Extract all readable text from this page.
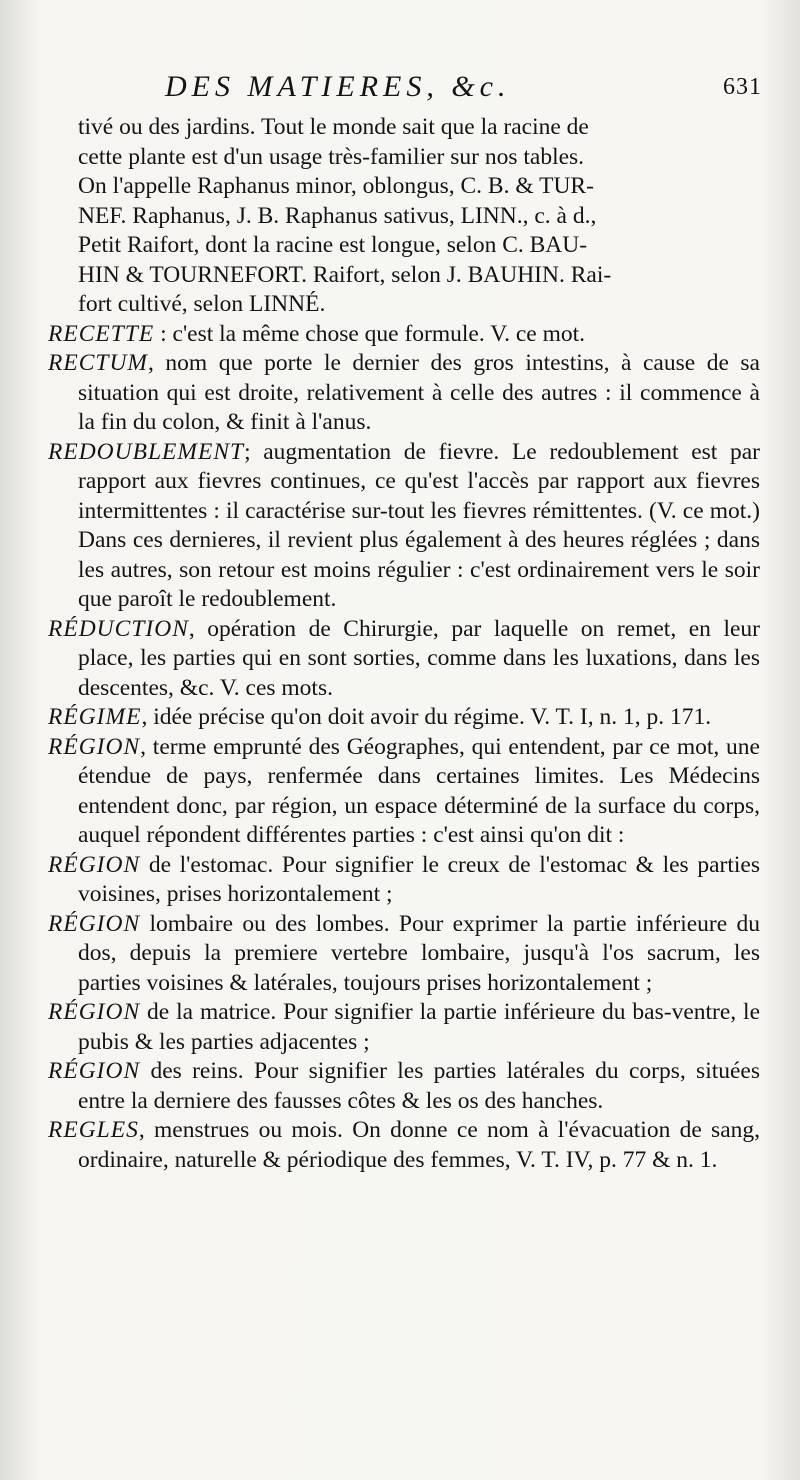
DES MATIERES, &c.	631
tivé ou des jardins. Tout le monde sait que la racine de
cette plante est d'un usage très-familier sur nos tables.
On l'appelle Raphanus minor, oblongus, C. B. & TUR-
NEF. Raphanus, J. B. Raphanus sativus, LINN., c. à d.,
Petit Raifort, dont la racine est longue, selon C. BAU-
HIN & TOURNEFORT. Raifort, selon J. BAUHIN. Rai-
fort cultivé, selon LINNÉ.

RECETTE : c'est la même chose que formule. V. ce mot.

RECTUM, nom que porte le dernier des gros intestins, à cause de sa situation qui est droite, relativement à celle des autres : il commence à la fin du colon, & finit à l'anus.

REDOUBLEMENT; augmentation de fievre. Le redoublement est par rapport aux fievres continues, ce qu'est l'accès par rapport aux fievres intermittentes : il caractérise sur-tout les fievres rémittentes. (V. ce mot.) Dans ces dernieres, il revient plus également à des heures réglées ; dans les autres, son retour est moins régulier : c'est ordinairement vers le soir que paroît le redoublement.

RÉDUCTION, opération de Chirurgie, par laquelle on remet, en leur place, les parties qui en sont sorties, comme dans les luxations, dans les descentes, &c. V. ces mots.

RÉGIME, idée précise qu'on doit avoir du régime. V. T. I, n. 1, p. 171.

RÉGION, terme emprunté des Géographes, qui entendent, par ce mot, une étendue de pays, renfermée dans certaines limites. Les Médecins entendent donc, par région, un espace déterminé de la surface du corps, auquel répondent différentes parties : c'est ainsi qu'on dit :

RÉGION de l'estomac. Pour signifier le creux de l'estomac & les parties voisines, prises horizontalement ;

RÉGION lombaire ou des lombes. Pour exprimer la partie inférieure du dos, depuis la premiere vertebre lombaire, jusqu'à l'os sacrum, les parties voisines & latérales, toujours prises horizontalement ;

RÉGION de la matrice. Pour signifier la partie inférieure du bas-ventre, le pubis & les parties adjacentes ;

RÉGION des reins. Pour signifier les parties latérales du corps, situées entre la derniere des fausses côtes & les os des hanches.

REGLES, menstrues ou mois. On donne ce nom à l'évacuation de sang, ordinaire, naturelle & périodique des femmes, V. T. IV, p. 77 & n. 1.
